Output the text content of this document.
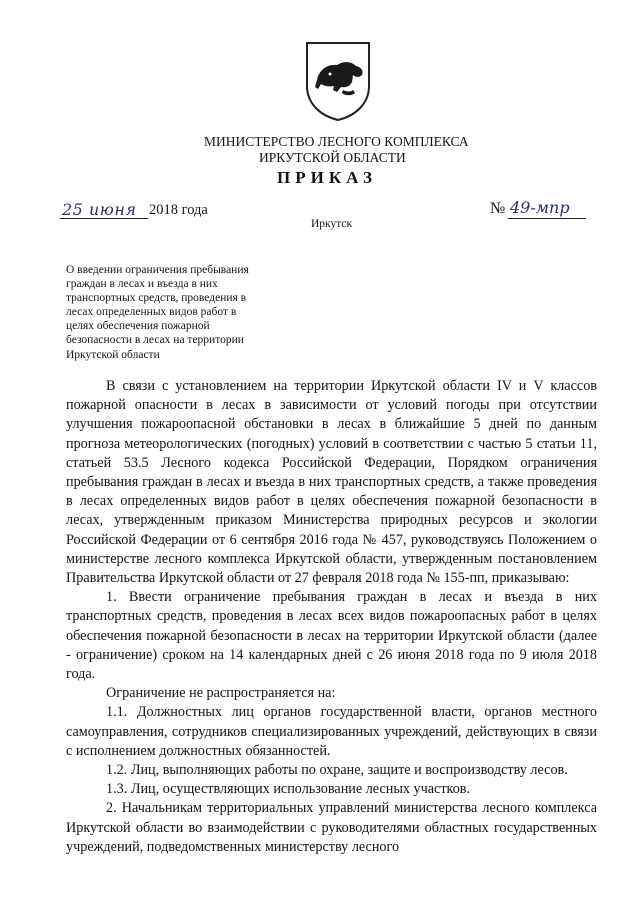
МИНИСТЕРСТВО ЛЕСНОГО КОМПЛЕКСА
ИРКУТСКОЙ ОБЛАСТИ
ПРИКАЗ
25 июня 2018 года	№ 49-мпр
Иркутск
О введении ограничения пребывания
граждан в лесах и въезда в них
транспортных средств, проведения в
лесах определенных видов работ в
целях обеспечения пожарной
безопасности в лесах на территории
Иркутской области

В связи с установлением на территории Иркутской области IV и V классов пожарной опасности в лесах в зависимости от условий погоды при отсутствии улучшения пожароопасной обстановки в лесах в ближайшие 5 дней по данным прогноза метеорологических (погодных) условий в соответствии с частью 5 статьи 11, статьей 53.5 Лесного кодекса Российской Федерации, Порядком ограничения пребывания граждан в лесах и въезда в них транспортных средств, а также проведения в лесах определенных видов работ в целях обеспечения пожарной безопасности в лесах, утвержденным приказом Министерства природных ресурсов и экологии Российской Федерации от 6 сентября 2016 года № 457, руководствуясь Положением о министерстве лесного комплекса Иркутской области, утвержденным постановлением Правительства Иркутской области от 27 февраля 2018 года № 155-пп, приказываю:

1. Ввести ограничение пребывания граждан в лесах и въезда в них транспортных средств, проведения в лесах всех видов пожароопасных работ в целях обеспечения пожарной безопасности в лесах на территории Иркутской области (далее - ограничение) сроком на 14 календарных дней с 26 июня 2018 года по 9 июля 2018 года.

Ограничение не распространяется на:

1.1. Должностных лиц органов государственной власти, органов местного самоуправления, сотрудников специализированных учреждений, действующих в связи с исполнением должностных обязанностей.

1.2. Лиц, выполняющих работы по охране, защите и воспроизводству лесов.

1.3. Лиц, осуществляющих использование лесных участков.

2. Начальникам территориальных управлений министерства лесного комплекса Иркутской области во взаимодействии с руководителями областных государственных учреждений, подведомственных министерству лесного
